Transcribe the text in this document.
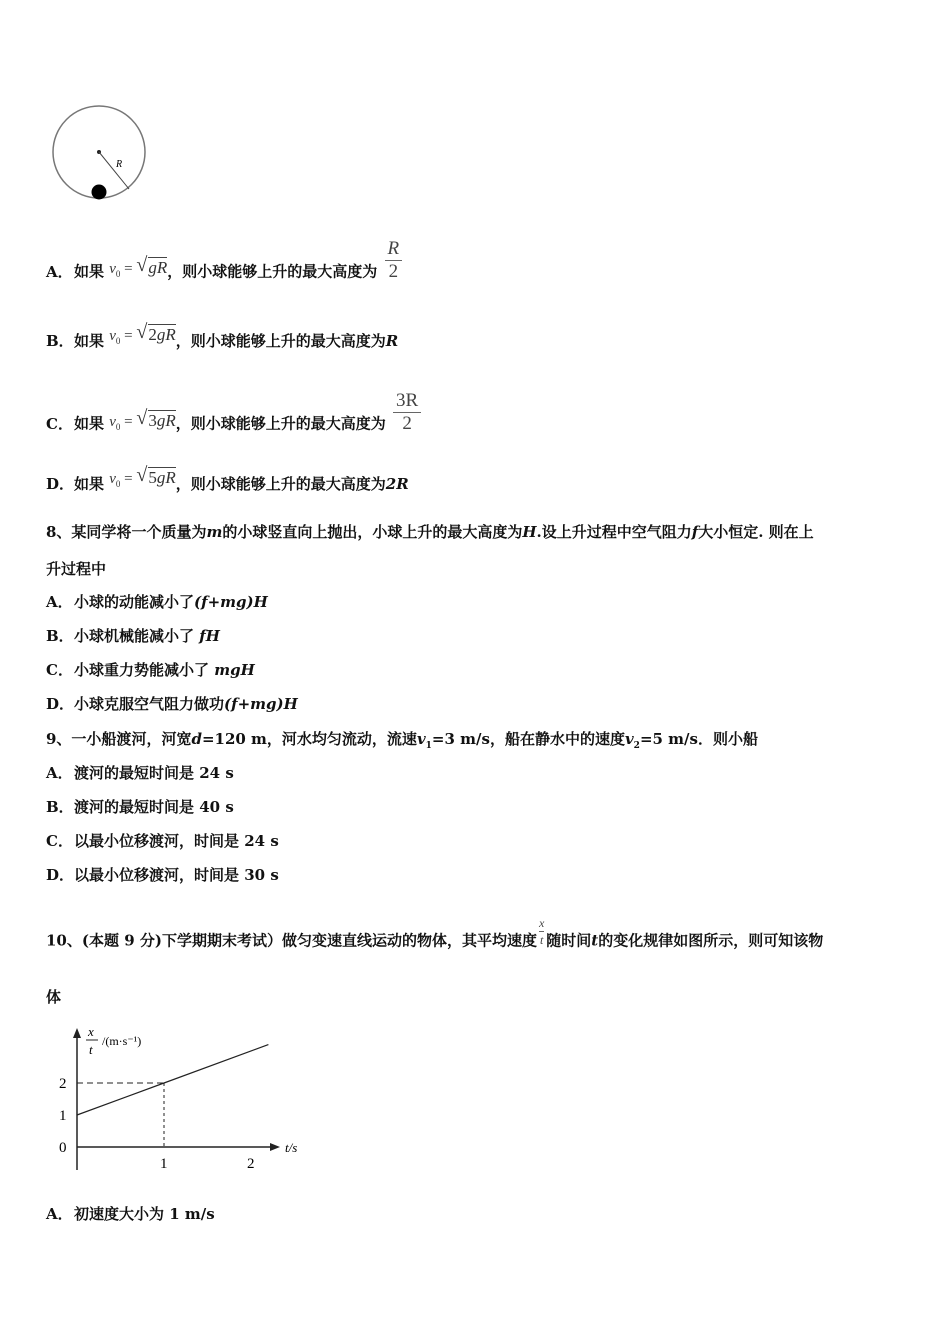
R
A．如果 $v_0$ = √ gR，则小球能够上升的最大高度为 $\frac{R}{2}$
B．如果 $v_0$ = √ 2gR，则小球能够上升的最大高度为R
C．如果 $v_0$ = √ 3gR，则小球能够上升的最大高度为 $\frac{3R}{2}$
D．如果 $v_0$ = √ 5gR，则小球能够上升的最大高度为2R
8、某同学将一个质量为m的小球竖直向上抛出，小球上升的最大高度为H.设上升过程中空气阻力f大小恒定. 则在上
升过程中
A．小球的动能减小了(f+mg)H
B．小球机械能减小了 fH
C．小球重力势能减小了 mgH
D．小球克服空气阻力做功(f+mg)H
9、一小船渡河，河宽d=120 m，河水均匀流动，流速$v_1=3$ m/s，船在静水中的速度$v_2=5$ m/s．则小船
A．渡河的最短时间是 24 s
B．渡河的最短时间是 40 s
C．以最小位移渡河，时间是 24 s
D．以最小位移渡河，时间是 30 s
10、(本题 9 分)下学期期末考试）做匀变速直线运动的物体，其平均速度 $\frac{x}{t}$ 随时间t的变化规律如图所示，则可知该物
体
x
t
/(m·s⁻¹)
t/s
2
1
0
1	2
A．初速度大小为 1 m/s
